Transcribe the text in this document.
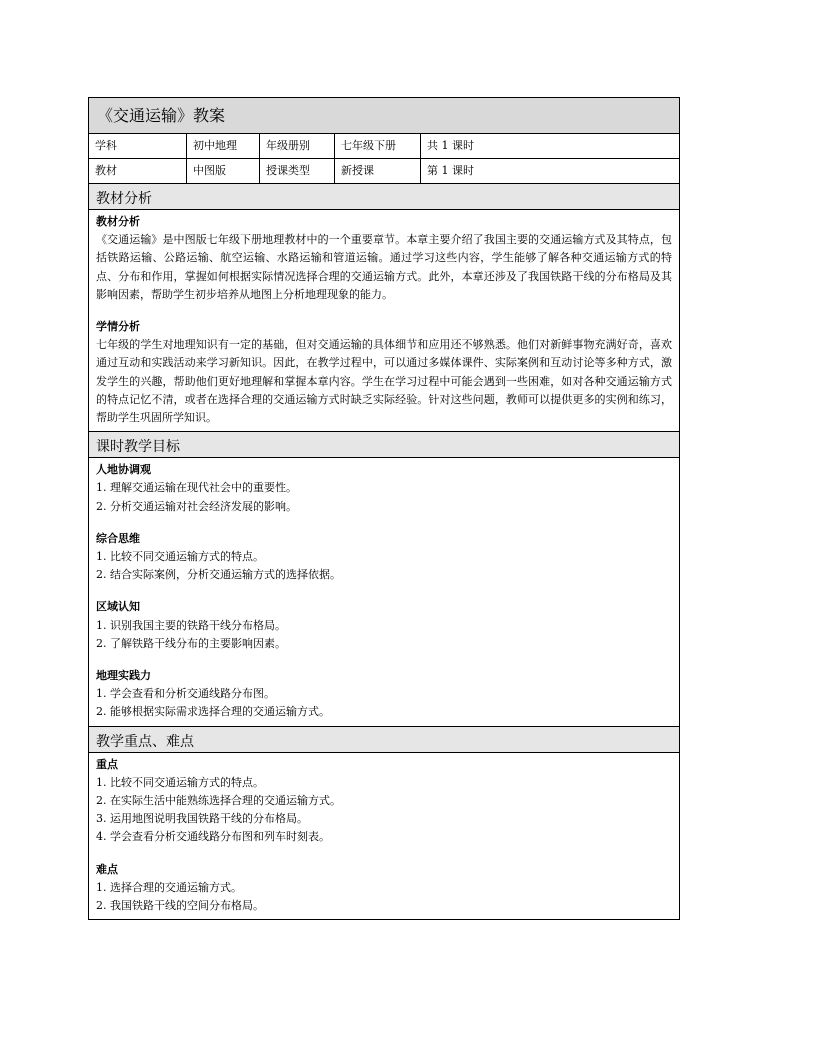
《交通运输》教案
学科	初中地理	年级册别	七年级下册	共 1 课时
教材	中图版	授课类型	新授课	第 1 课时
教材分析
教材分析
《交通运输》是中图版七年级下册地理教材中的一个重要章节。本章主要介绍了我国主要的交通运输方式及其特点，包括铁路运输、公路运输、航空运输、水路运输和管道运输。通过学习这些内容，学生能够了解各种交通运输方式的特点、分布和作用，掌握如何根据实际情况选择合理的交通运输方式。此外，本章还涉及了我国铁路干线的分布格局及其影响因素，帮助学生初步培养从地图上分析地理现象的能力。
学情分析
七年级的学生对地理知识有一定的基础，但对交通运输的具体细节和应用还不够熟悉。他们对新鲜事物充满好奇，喜欢通过互动和实践活动来学习新知识。因此，在教学过程中，可以通过多媒体课件、实际案例和互动讨论等多种方式，激发学生的兴趣，帮助他们更好地理解和掌握本章内容。学生在学习过程中可能会遇到一些困难，如对各种交通运输方式的特点记忆不清，或者在选择合理的交通运输方式时缺乏实际经验。针对这些问题，教师可以提供更多的实例和练习，帮助学生巩固所学知识。
课时教学目标
人地协调观
1. 理解交通运输在现代社会中的重要性。
2. 分析交通运输对社会经济发展的影响。
综合思维
1. 比较不同交通运输方式的特点。
2. 结合实际案例，分析交通运输方式的选择依据。
区域认知
1. 识别我国主要的铁路干线分布格局。
2. 了解铁路干线分布的主要影响因素。
地理实践力
1. 学会查看和分析交通线路分布图。
2. 能够根据实际需求选择合理的交通运输方式。
教学重点、难点
重点
1. 比较不同交通运输方式的特点。
2. 在实际生活中能熟练选择合理的交通运输方式。
3. 运用地图说明我国铁路干线的分布格局。
4. 学会查看分析交通线路分布图和列车时刻表。
难点
1. 选择合理的交通运输方式。
2. 我国铁路干线的空间分布格局。
